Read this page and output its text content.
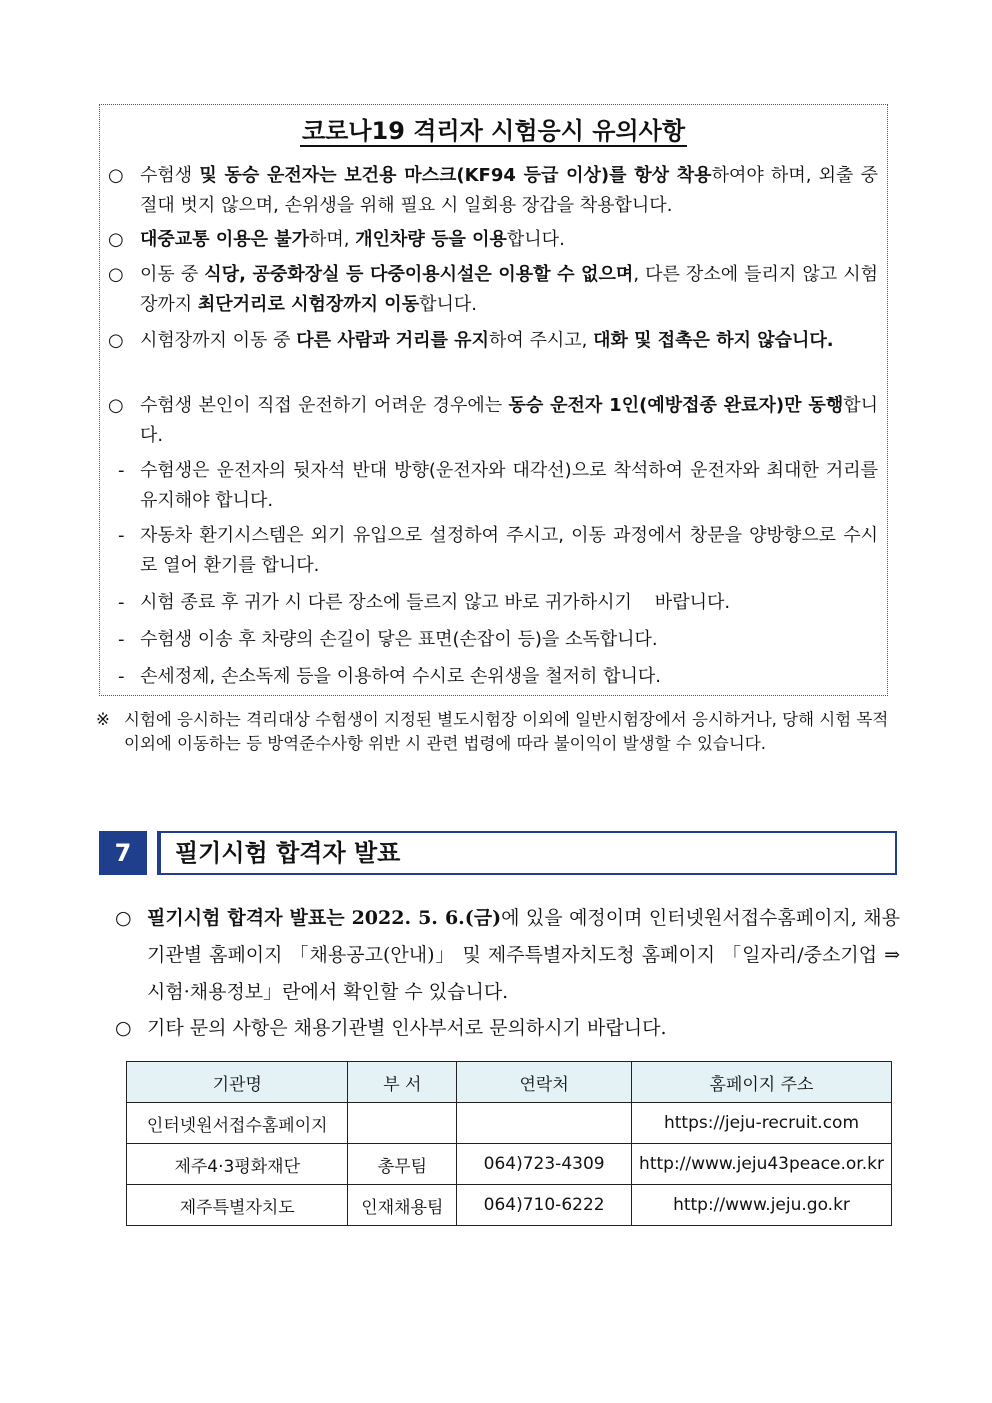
코로나19 격리자 시험응시 유의사항
○ 수험생 및 동승 운전자는 보건용 마스크(KF94 등급 이상)를 항상 착용하여야 하며, 외출 중 절대 벗지 않으며, 손위생을 위해 필요 시 일회용 장갑을 착용합니다.
○ 대중교통 이용은 불가하며, 개인차량 등을 이용합니다.
○ 이동 중 식당, 공중화장실 등 다중이용시설은 이용할 수 없으며, 다른 장소에 들리지 않고 시험장까지 최단거리로 시험장까지 이동합니다.
○ 시험장까지 이동 중 다른 사람과 거리를 유지하여 주시고, 대화 및 접촉은 하지 않습니다.
○ 수험생 본인이 직접 운전하기 어려운 경우에는 동승 운전자 1인(예방접종 완료자)만 동행합니다.
- 수험생은 운전자의 뒷자석 반대 방향(운전자와 대각선)으로 착석하여 운전자와 최대한 거리를 유지해야 합니다.
- 자동차 환기시스템은 외기 유입으로 설정하여 주시고, 이동 과정에서 창문을 양방향으로 수시로 열어 환기를 합니다.
- 시험 종료 후 귀가 시 다른 장소에 들르지 않고 바로 귀가하시기    바랍니다.
- 수험생 이송 후 차량의 손길이 닿은 표면(손잡이 등)을 소독합니다.
- 손세정제, 손소독제 등을 이용하여 수시로 손위생을 철저히 합니다.
※ 시험에 응시하는 격리대상 수험생이 지정된 별도시험장 이외에 일반시험장에서 응시하거나, 당해 시험 목적 이외에 이동하는 등 방역준수사항 위반 시 관련 법령에 따라 불이익이 발생할 수 있습니다.
7	필기시험 합격자 발표
○ 필기시험 합격자 발표는 2022. 5. 6.(금)에 있을 예정이며 인터넷원서접수홈페이지, 채용기관별 홈페이지 「채용공고(안내)」 및 제주특별자치도청 홈페이지 「일자리/중소기업 ⇒ 시험·채용정보」란에서 확인할 수 있습니다.
○ 기타 문의 사항은 채용기관별 인사부서로 문의하시기 바랍니다.
기관명	부 서	연락처	홈페이지 주소
인터넷원서접수홈페이지			https://jeju-recruit.com
제주4·3평화재단	총무팀	064)723-4309	http://www.jeju43peace.or.kr
제주특별자치도	인재채용팀	064)710-6222	http://www.jeju.go.kr
